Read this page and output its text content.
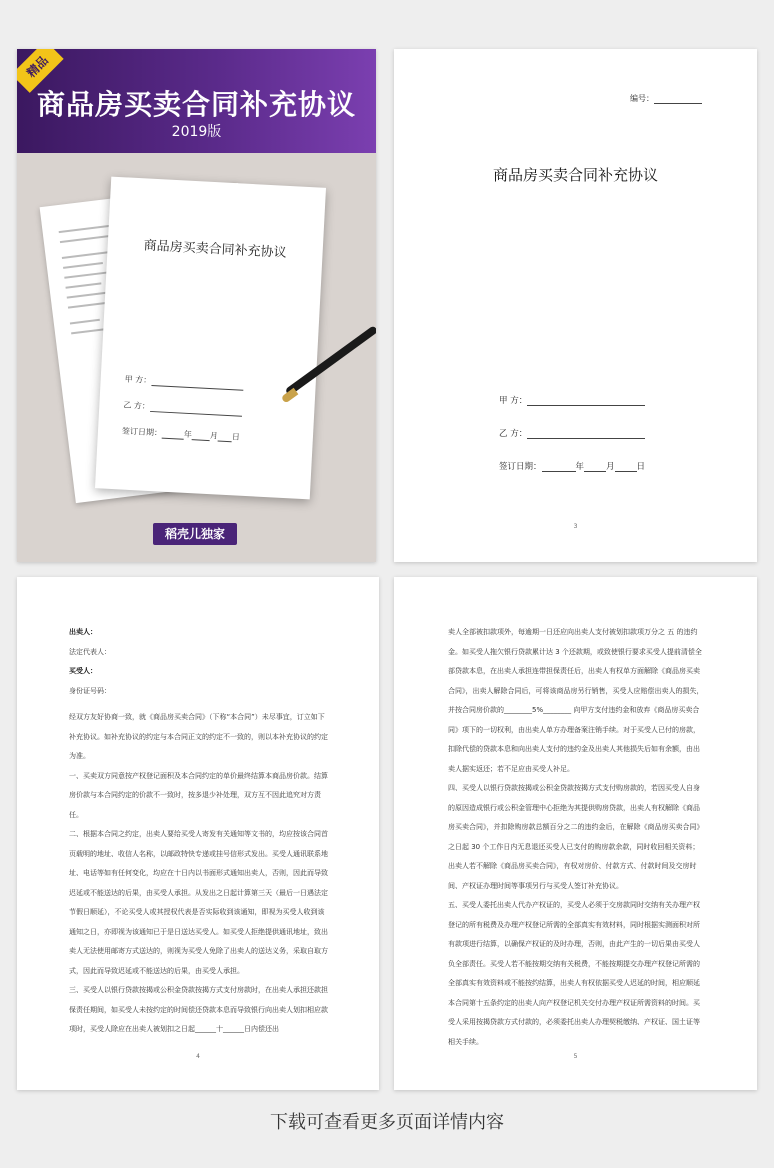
商品房买卖合同补充协议
2019版
精品
商品房买卖合同补充协议
甲 方：
乙 方：
签订日期：	年 月 日
稻壳儿独家
编号：
商品房买卖合同补充协议
甲 方：
乙 方：
签订日期：	年	月	日
3

出卖人：

法定代表人：

买受人：

身份证号码：

经双方友好协商一致，就《商品房买卖合同》（下称“本合同”）未尽事宜，订立如下补充协议。如补充协议的约定与本合同正文的约定不一致的，则以本补充协议的约定为准。

一、买卖双方同意按产权登记面积及本合同约定的单价最终结算本商品房价款。结算房价款与本合同约定的价款不一致时，按多退少补处理，双方互不因此追究对方责任。

二、根据本合同之约定，出卖人要给买受人寄发有关通知等文书的，均应按该合同首页载明的地址、收信人名称，以邮政特快专递或挂号信形式发出。买受人通讯联系地址、电话等如有任何变化，均应在十日内以书面形式通知出卖人，否则，因此而导致迟延或不能送达的后果，由买受人承担。从发出之日起计算第三天（最后一日遇法定节假日顺延），不论买受人或其授权代表是否实际收到该通知，即视为买受人收到该通知之日，亦即视为该通知已于是日送达买受人。如买受人拒绝提供通讯地址，致出卖人无法使用邮寄方式送达的，则视为买受人免除了出卖人的送达义务，采取自取方式，因此而导致迟延或不能送达的后果，由买受人承担。

三、买受人以银行贷款按揭或公积金贷款按揭方式支付房款时，在出卖人承担还款担保责任期间，如买受人未按约定的时间偿还贷款本息而导致银行向出卖人划扣相应款项时，买受人除应在出卖人被划扣之日起______十______日内偿还出

4

卖人全部被扣款项外，每逾期一日还应向出卖人支付被划扣款项万分之 五 的违约金。如买受人拖欠银行贷款累计达 3 个还款期，或致使银行要求买受人提前清偿全部贷款本息，在出卖人承担连带担保责任后，出卖人有权单方面解除《商品房买卖合同》，出卖人解除合同后，可将该商品房另行销售，买受人应赔偿出卖人的损失，并按合同房价款的________5%________ 向甲方支付违约金和放弃《商品房买卖合同》项下的一切权利，由出卖人单方办理备案注销手续。对于买受人已付的房款，扣除代偿的贷款本息和向出卖人支付的违约金及出卖人其他损失后如有余额，由出卖人据实返还；若不足应由买受人补足。

四、买受人以银行贷款按揭或公积金贷款按揭方式支付购房款的，若因买受人自身的原因造成银行或公积金管理中心拒绝为其提供购房贷款，出卖人有权解除《商品房买卖合同》，并扣除购房款总额百分之二的违约金后，在解除《商品房买卖合同》之日起 30 个工作日内无息退还买受人已支付的购房款余款，同时收回相关资料；出卖人若不解除《商品房买卖合同》，有权对房价、付款方式、付款时间及交房时间、产权证办理时间等事项另行与买受人签订补充协议。

五、买受人委托出卖人代办产权证的，买受人必须于交房款同时交纳有关办理产权登记的所有税费及办理产权登记所需的全部真实有效材料，同时根据实测面积对所有款项进行结算，以确保产权证的及时办理，否则，由此产生的一切后果由买受人负全部责任。买受人若不能按期交纳有关税费，不能按期提交办理产权登记所需的全部真实有效资料或不能按约结算，出卖人有权依据买受人迟延的时间，相应顺延本合同第十五条约定的出卖人向产权登记机关交付办理产权证所需资料的时间。买受人采用按揭贷款方式付款的，必须委托出卖人办理契税缴纳、产权证、国土证等相关手续。

5
下载可查看更多页面详情内容
